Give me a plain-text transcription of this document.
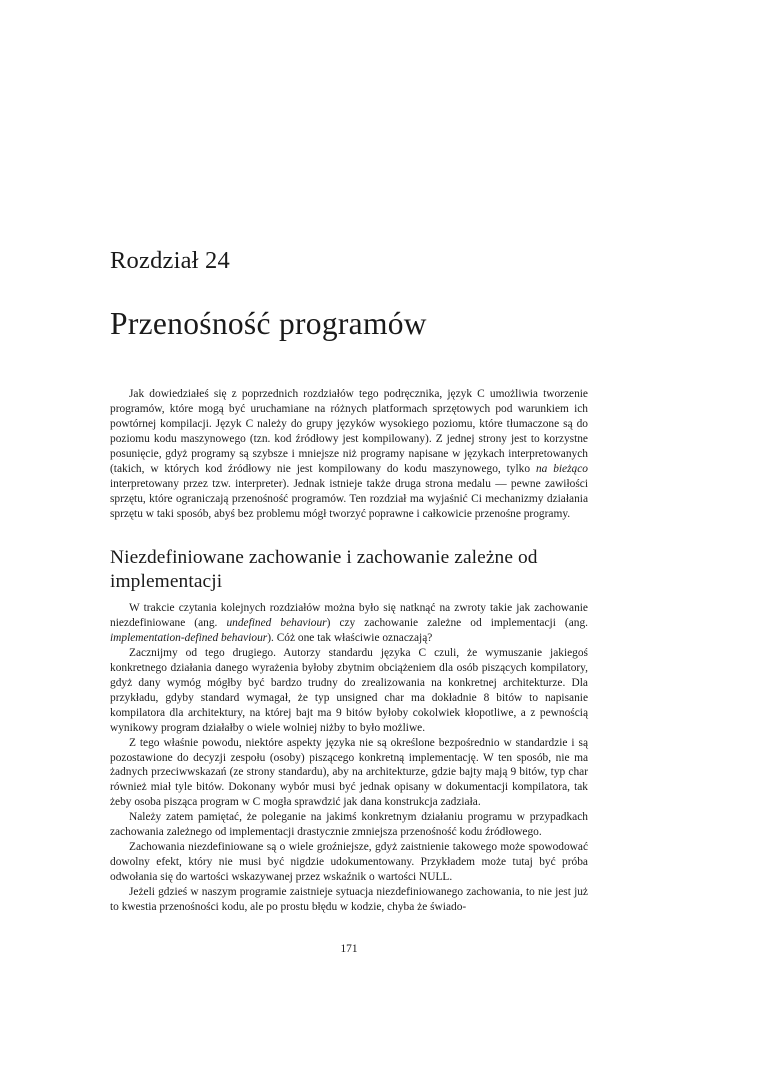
Rozdział 24
Przenośność programów

Jak dowiedziałeś się z poprzednich rozdziałów tego podręcznika, język C umożliwia tworzenie programów, które mogą być uruchamiane na różnych platformach sprzętowych pod warunkiem ich powtórnej kompilacji. Język C należy do grupy języków wysokiego poziomu, które tłumaczone są do poziomu kodu maszynowego (tzn. kod źródłowy jest kompilowany). Z jednej strony jest to korzystne posunięcie, gdyż programy są szybsze i mniejsze niż programy napisane w językach interpretowanych (takich, w których kod źródłowy nie jest kompilowany do kodu maszynowego, tylko na bieżąco interpretowany przez tzw. interpreter). Jednak istnieje także druga strona medalu — pewne zawiłości sprzętu, które ograniczają przenośność programów. Ten rozdział ma wyjaśnić Ci mechanizmy działania sprzętu w taki sposób, abyś bez problemu mógł tworzyć poprawne i całkowicie przenośne programy.

Niezdefiniowane zachowanie i zachowanie zależne od implementacji

W trakcie czytania kolejnych rozdziałów można było się natknąć na zwroty takie jak zachowanie niezdefiniowane (ang. undefined behaviour) czy zachowanie zależne od implementacji (ang. implementation-defined behaviour). Cóż one tak właściwie oznaczają?

Zacznijmy od tego drugiego. Autorzy standardu języka C czuli, że wymuszanie jakiegoś konkretnego działania danego wyrażenia byłoby zbytnim obciążeniem dla osób piszących kompilatory, gdyż dany wymóg mógłby być bardzo trudny do zrealizowania na konkretnej architekturze. Dla przykładu, gdyby standard wymagał, że typ unsigned char ma dokładnie 8 bitów to napisanie kompilatora dla architektury, na której bajt ma 9 bitów byłoby cokolwiek kłopotliwe, a z pewnością wynikowy program działałby o wiele wolniej niżby to było możliwe.

Z tego właśnie powodu, niektóre aspekty języka nie są określone bezpośrednio w standardzie i są pozostawione do decyzji zespołu (osoby) piszącego konkretną implementację. W ten sposób, nie ma żadnych przeciwwskazań (ze strony standardu), aby na architekturze, gdzie bajty mają 9 bitów, typ char również miał tyle bitów. Dokonany wybór musi być jednak opisany w dokumentacji kompilatora, tak żeby osoba pisząca program w C mogła sprawdzić jak dana konstrukcja zadziała.

Należy zatem pamiętać, że poleganie na jakimś konkretnym działaniu programu w przypadkach zachowania zależnego od implementacji drastycznie zmniejsza przenośność kodu źródłowego.

Zachowania niezdefiniowane są o wiele groźniejsze, gdyż zaistnienie takowego może spowodować dowolny efekt, który nie musi być nigdzie udokumentowany. Przykładem może tutaj być próba odwołania się do wartości wskazywanej przez wskaźnik o wartości NULL.

Jeżeli gdzieś w naszym programie zaistnieje sytuacja niezdefiniowanego zachowania, to nie jest już to kwestia przenośności kodu, ale po prostu błędu w kodzie, chyba że świado-

171
